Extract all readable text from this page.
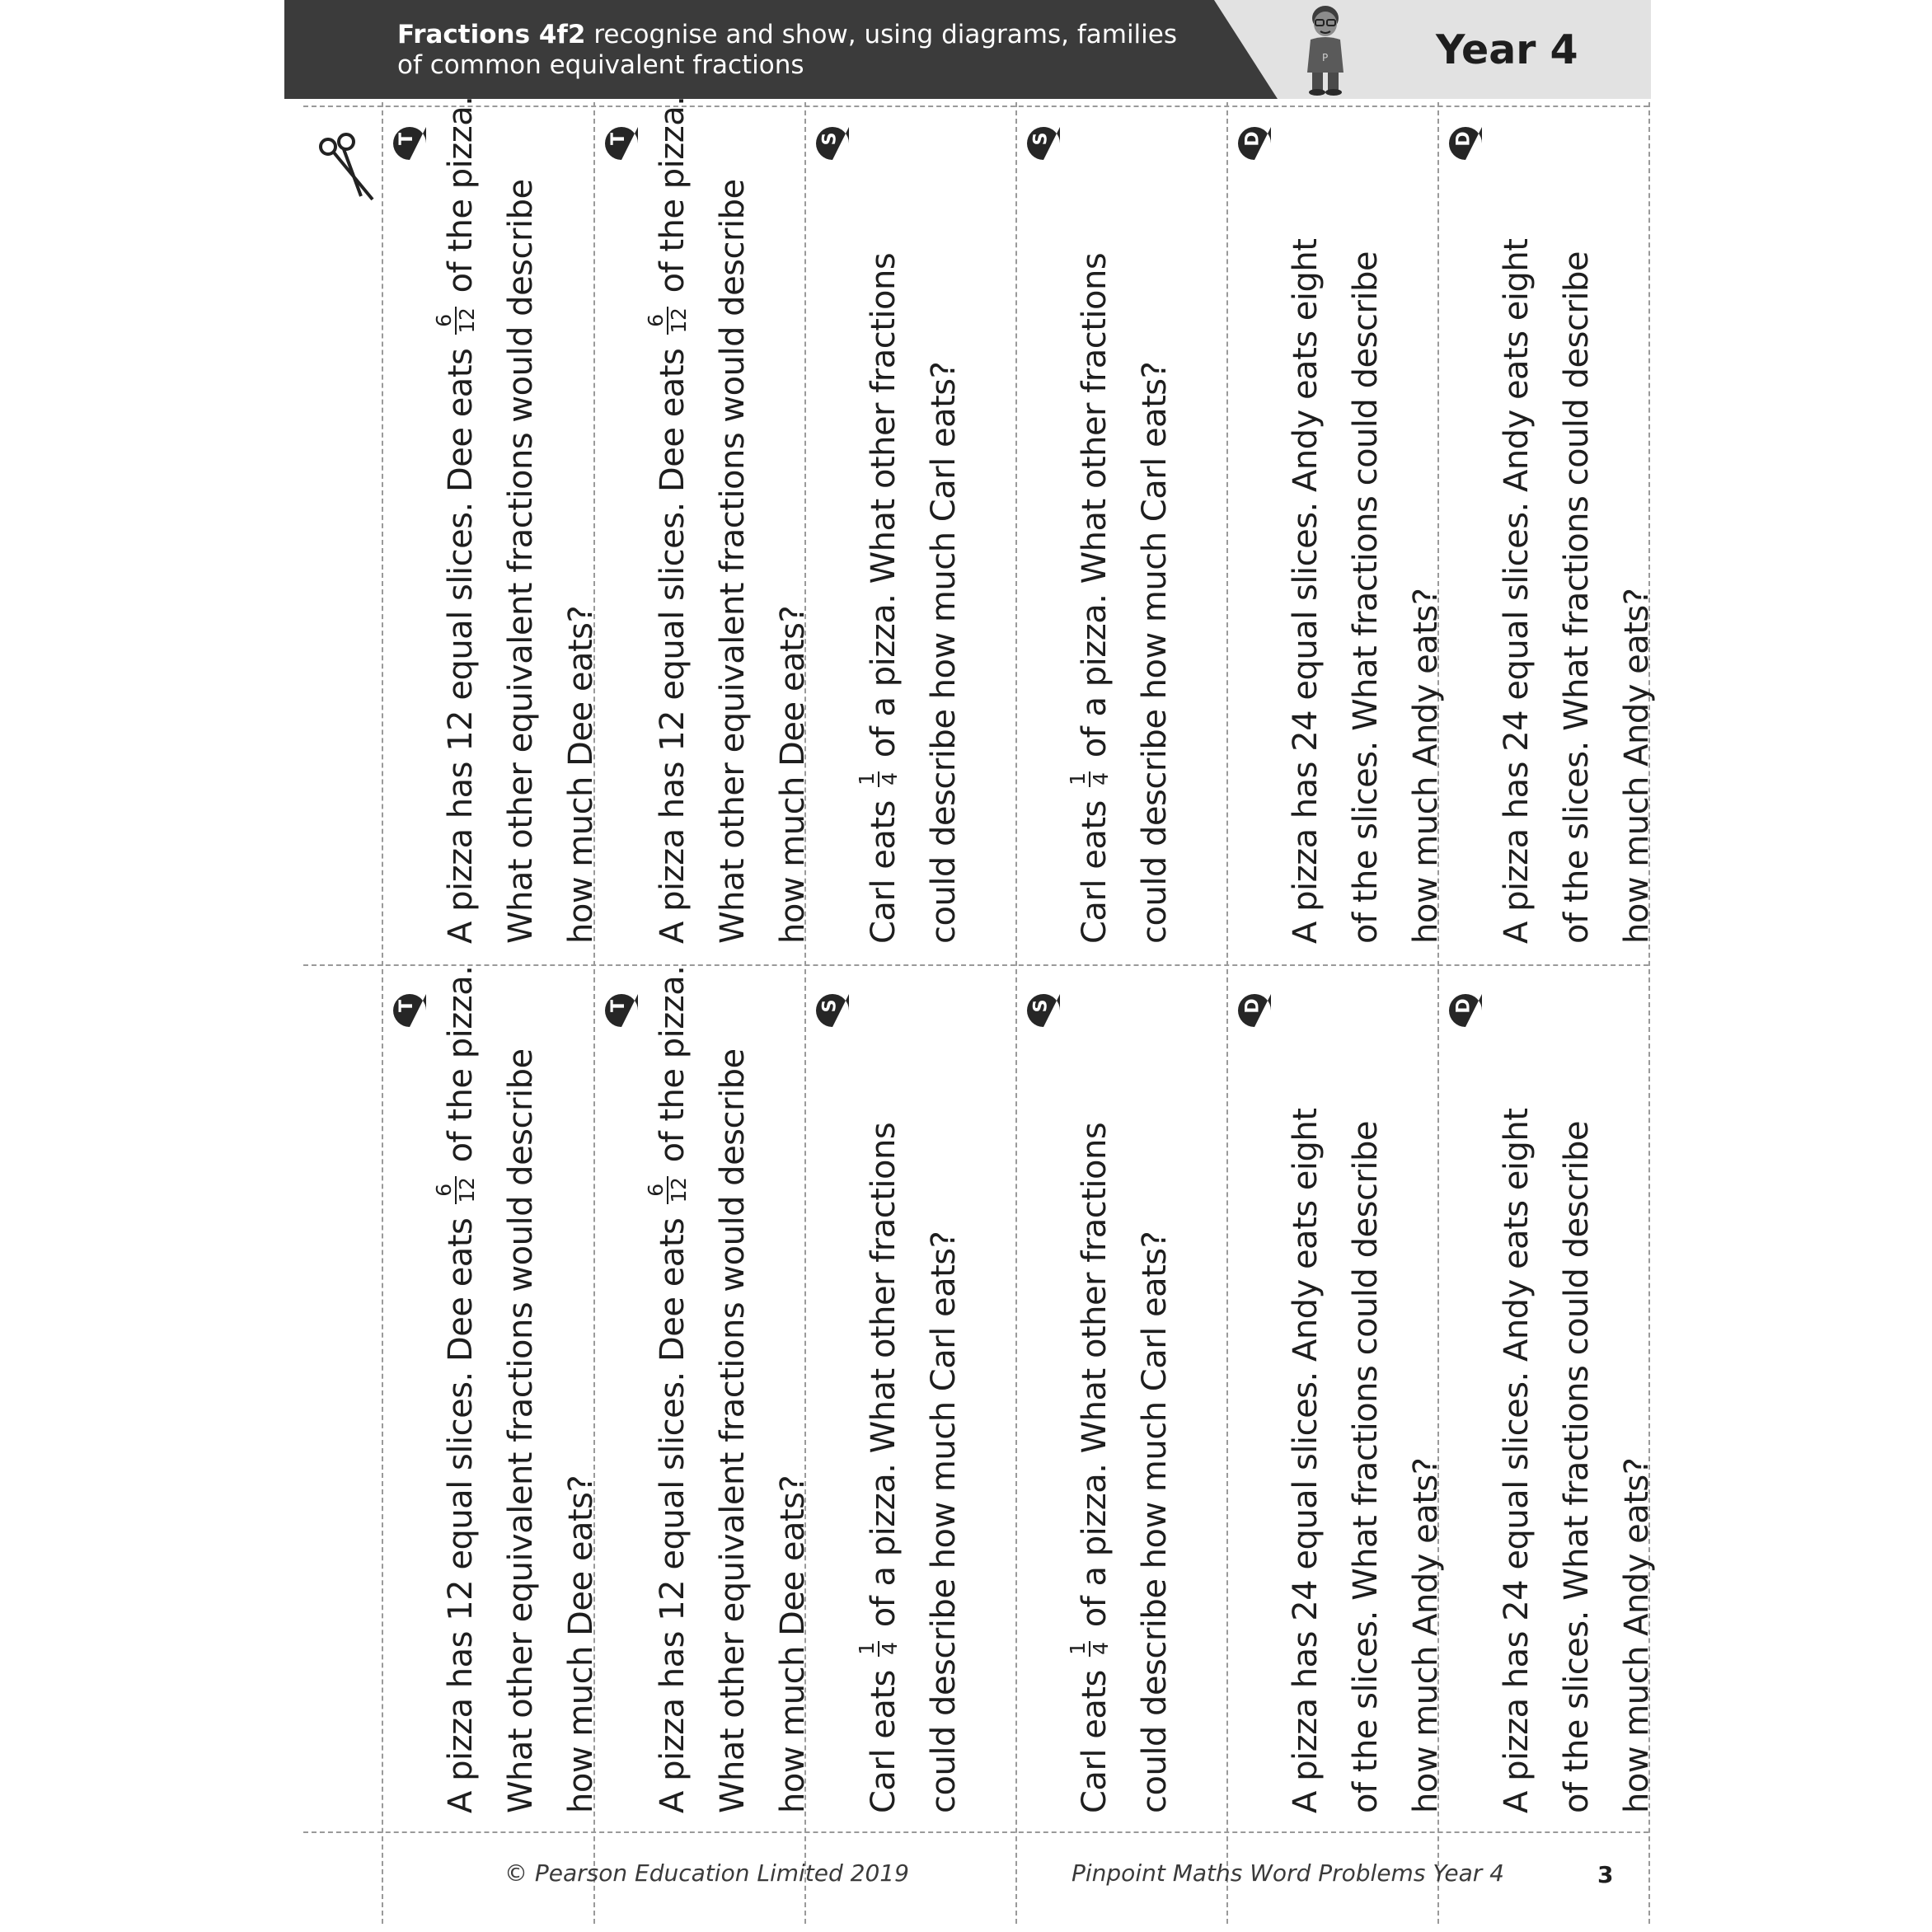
Fractions 4f2 recognise and show, using diagrams, families of common equivalent fractions	P	Year 4
T
A pizza has 12 equal slices. Dee eats
6 12
of the pizza. What other equivalent fractions would describe how much Dee eats?
T
A pizza has 12 equal slices. Dee eats
6 12
of the pizza. What other equivalent fractions would describe how much Dee eats?
S
Carl eats
1 4
of a pizza. What other fractions could describe how much Carl eats?
S
Carl eats
1 4
of a pizza. What other fractions could describe how much Carl eats?
D
A pizza has 24 equal slices. Andy eats eight of the slices. What fractions could describe how much Andy eats?
D
A pizza has 24 equal slices. Andy eats eight of the slices. What fractions could describe how much Andy eats?
T
A pizza has 12 equal slices. Dee eats
6 12
of the pizza. What other equivalent fractions would describe how much Dee eats?
T
A pizza has 12 equal slices. Dee eats
6 12
of the pizza. What other equivalent fractions would describe how much Dee eats?
S
Carl eats
1 4
of a pizza. What other fractions could describe how much Carl eats?
S
Carl eats
1 4
of a pizza. What other fractions could describe how much Carl eats?
D
A pizza has 24 equal slices. Andy eats eight of the slices. What fractions could describe how much Andy eats?
D
A pizza has 24 equal slices. Andy eats eight of the slices. What fractions could describe how much Andy eats?
© Pearson Education Limited 2019	Pinpoint Maths Word Problems Year 4	3
